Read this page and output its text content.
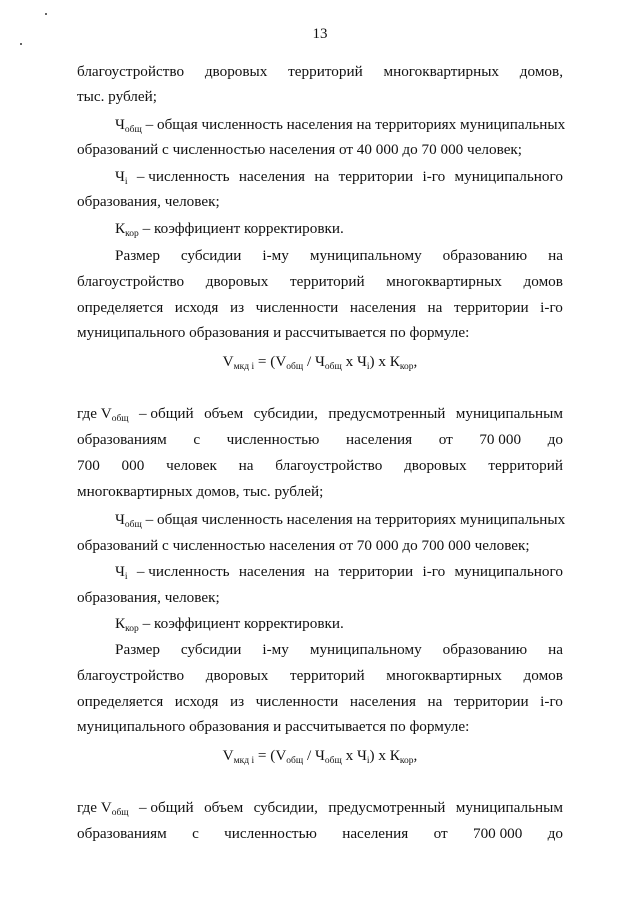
13
благоустройство дворовых территорий многоквартирных домов,
тыс. рублей;
$Ч_{общ}$ – общая численность населения на территориях муниципальных
образований с численностью населения от 40 000 до 70 000 человек;
$Ч_i$ – численность населения на территории i-го муниципального
образования, человек;
$К_{кор}$ – коэффициент корректировки.
Размер субсидии i-му муниципальному образованию на
благоустройство дворовых территорий многоквартирных домов
определяется исходя из численности населения на территории i-го
муниципального образования и рассчитывается по формуле:
$V_{мкд i} = (V_{общ} / Ч_{общ}$ х $Ч_i$) х $К_{кор}$,
где $V_{общ}$ – общий объем субсидии, предусмотренный муниципальным
образованиям с численностью населения от 70 000 до
700 000 человек на благоустройство дворовых территорий
многоквартирных домов, тыс. рублей;
$Ч_{общ}$ – общая численность населения на территориях муниципальных
образований с численностью населения от 70 000 до 700 000 человек;
$Ч_i$ – численность населения на территории i-го муниципального
образования, человек;
$К_{кор}$ – коэффициент корректировки.
Размер субсидии i-му муниципальному образованию на
благоустройство дворовых территорий многоквартирных домов
определяется исходя из численности населения на территории i-го
муниципального образования и рассчитывается по формуле:
$V_{мкд i} = (V_{общ} / Ч_{общ}$ х $Ч_i$) х $К_{кор}$,
где $V_{общ}$ – общий объем субсидии, предусмотренный муниципальным
образованиям с численностью населения от 700 000 до
